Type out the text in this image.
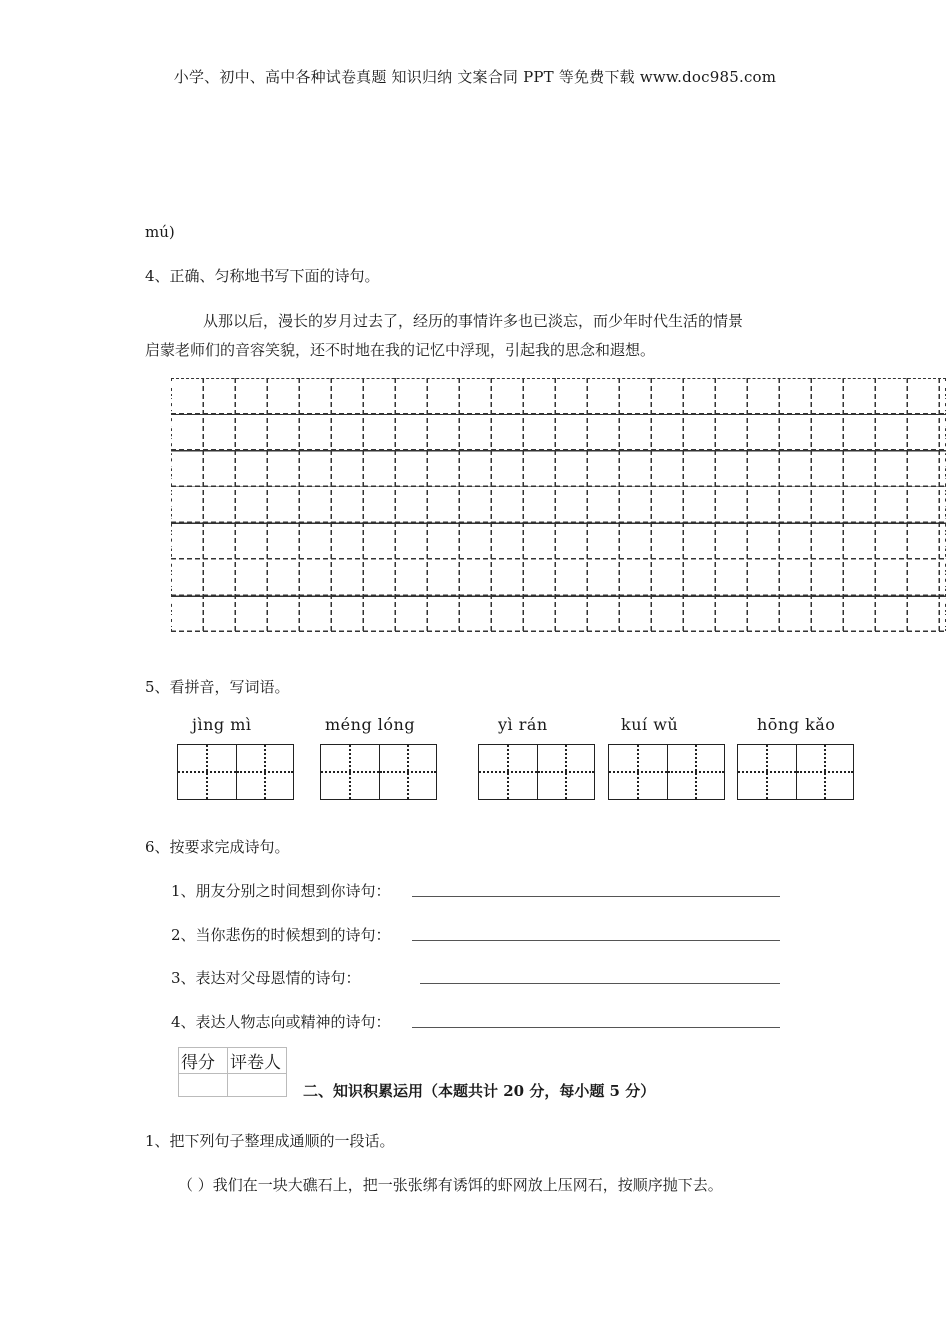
小学、初中、高中各种试卷真题 知识归纳 文案合同 PPT 等免费下载 www.doc985.com
mú)
4、正确、匀称地书写下面的诗句。
从那以后，漫长的岁月过去了，经历的事情许多也已淡忘，而少年时代生活的情景
启蒙老师们的音容笑貌，还不时地在我的记忆中浮现，引起我的思念和遐想。
5、看拼音，写词语。
jìng mì	méng lóng	yì rán	kuí wǔ	hōng kǎo
6、按要求完成诗句。
1、朋友分别之时间想到你诗句：
2、当你悲伤的时候想到的诗句：
3、表达对父母恩情的诗句：
4、表达人物志向或精神的诗句：
得分	评卷人

二、知识积累运用（本题共计 20 分，每小题 5 分）
1、把下列句子整理成通顺的一段话。
（ ）我们在一块大礁石上，把一张张绑有诱饵的虾网放上压网石，按顺序抛下去。
